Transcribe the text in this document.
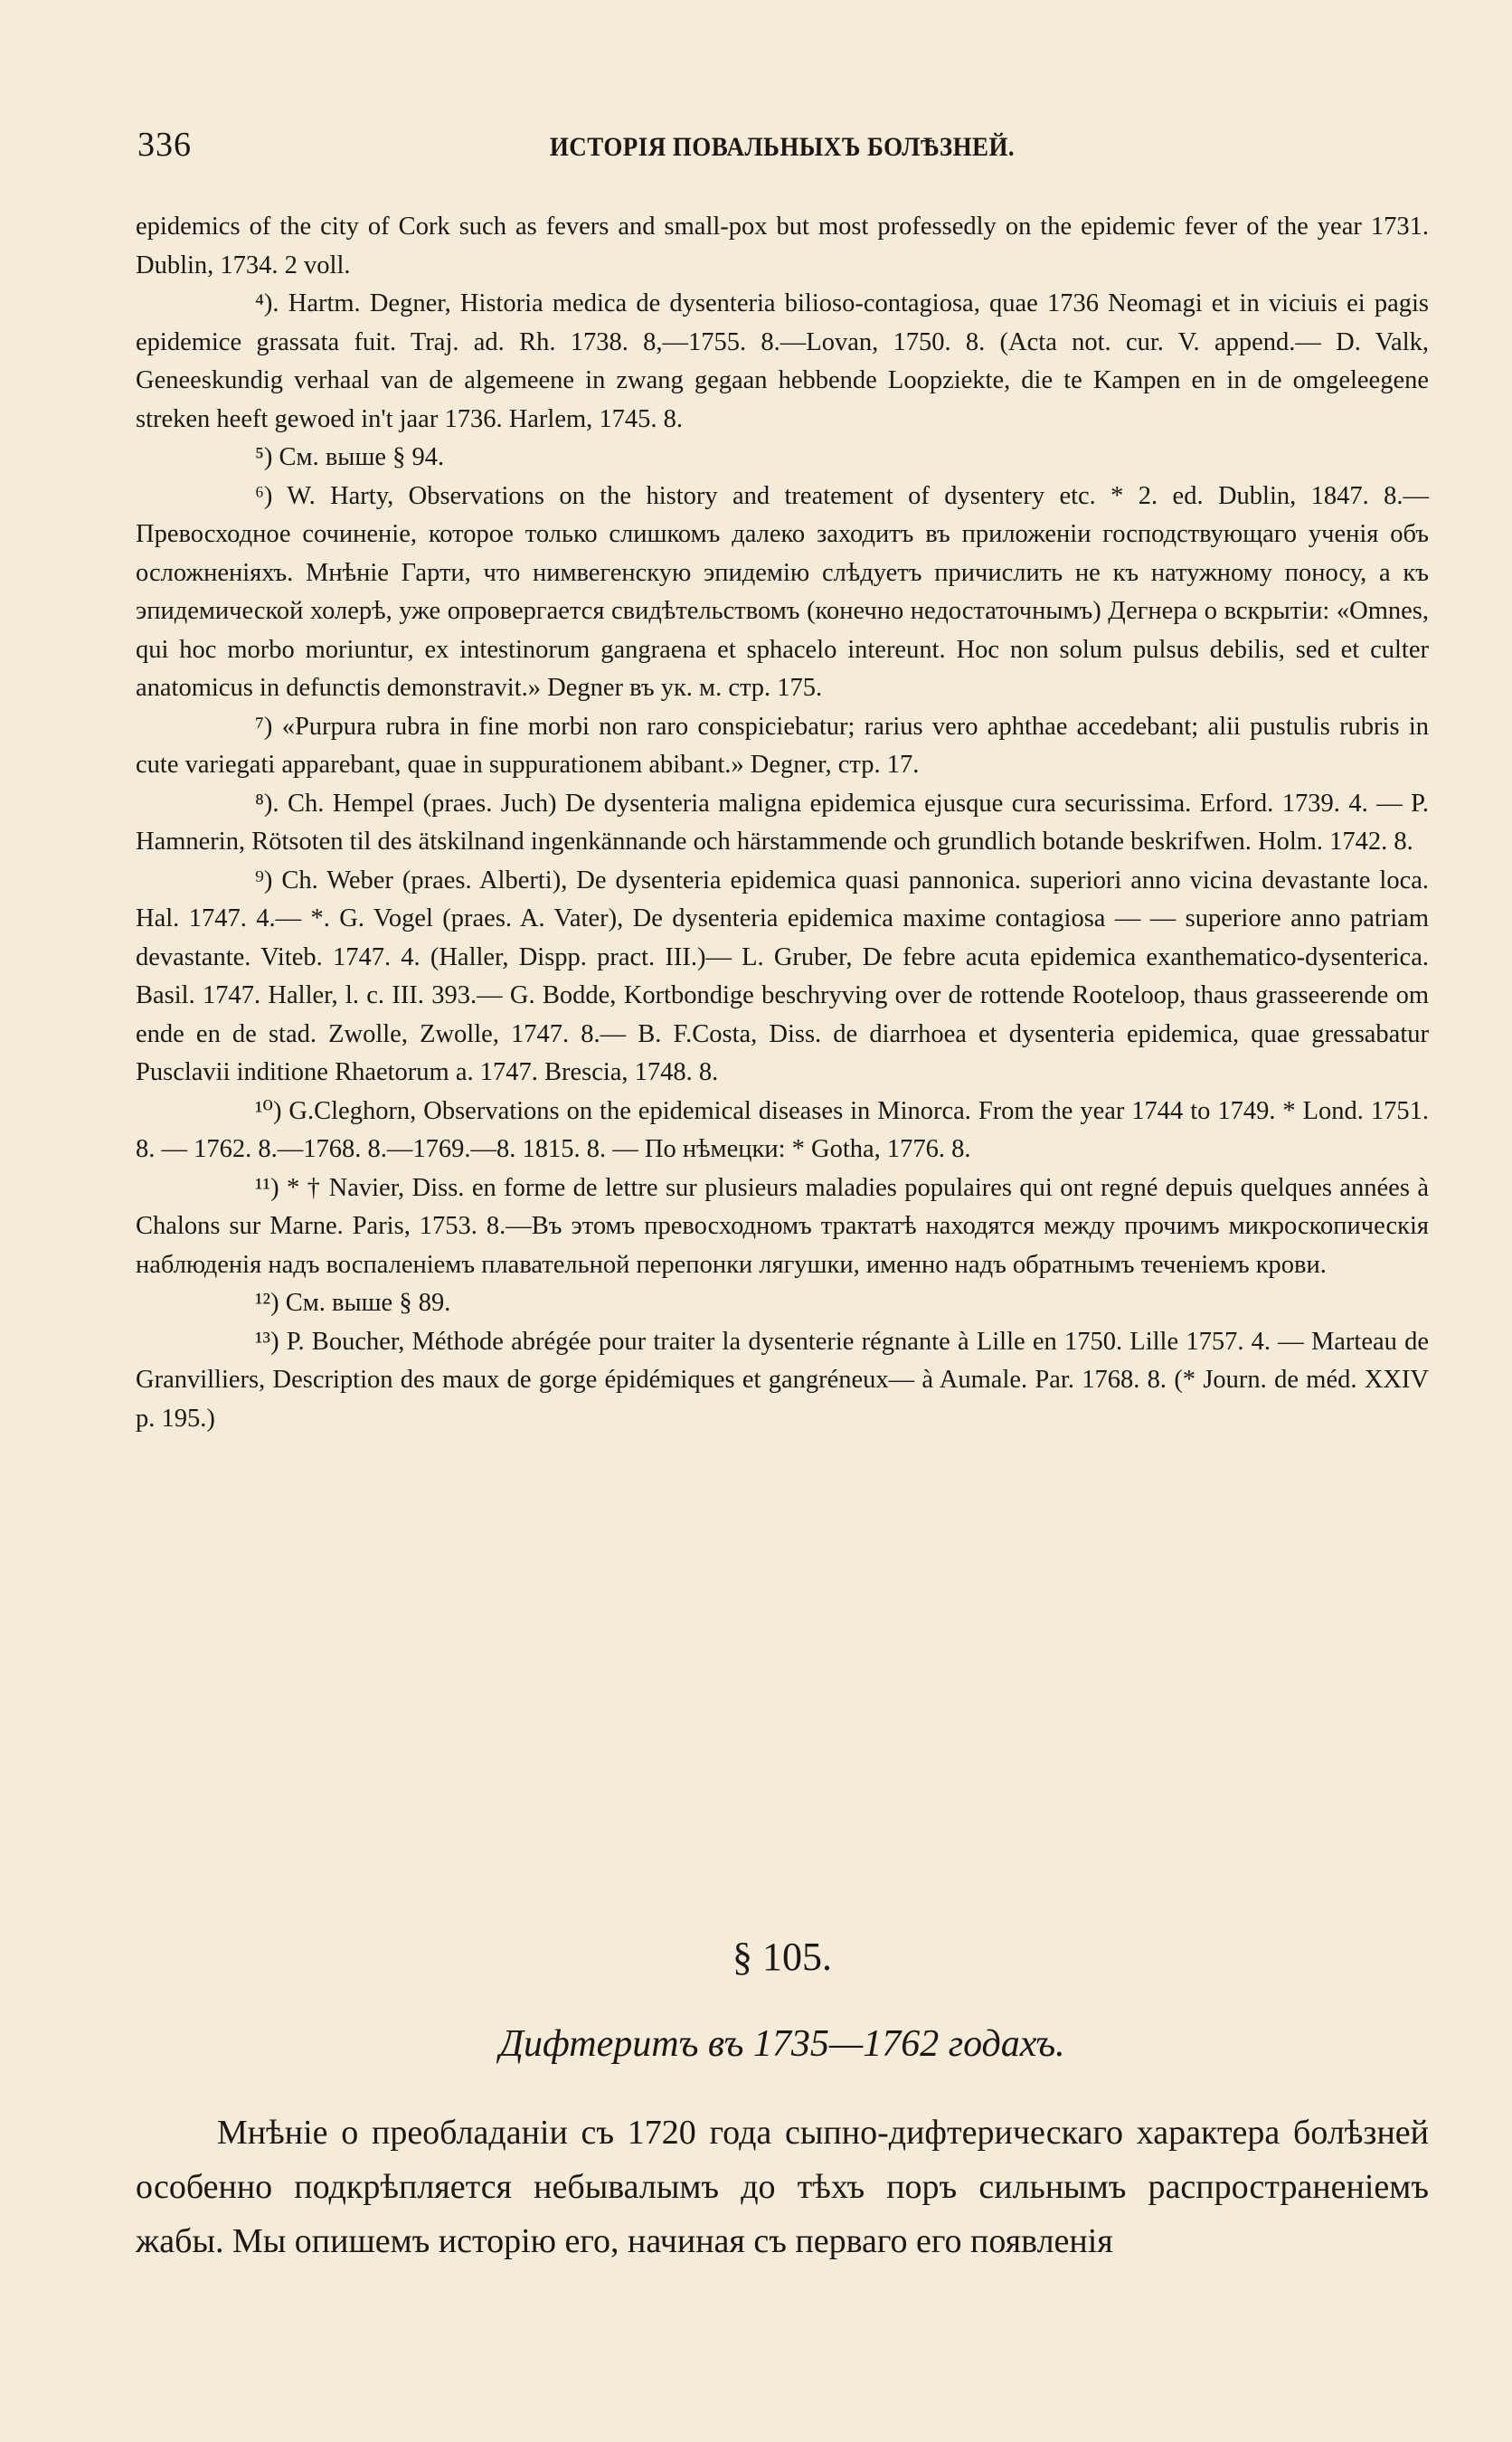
336	ИСТОРІЯ ПОВАЛЬНЫХЪ БОЛѢЗНЕЙ.

epidemics of the city of Cork such as fevers and small-pox but most professedly on the epidemic fever of the year 1731. Dublin, 1734. 2 voll.

⁴). Hartm. Degner, Historia medica de dysenteria bilioso-contagiosa, quae 1736 Neomagi et in viciuis ei pagis epidemice grassata fuit. Traj. ad. Rh. 1738. 8,—1755. 8.—Lovan, 1750. 8. (Acta not. cur. V. append.— D. Valk, Geneeskundig verhaal van de algemeene in zwang gegaan hebbende Loopziekte, die te Kampen en in de omgeleegene streken heeft gewoed in't jaar 1736. Harlem, 1745. 8.

⁵) См. выше § 94.

⁶) W. Harty, Observations on the history and treatement of dysentery etc. * 2. ed. Dublin, 1847. 8.— Превосходное сочиненіе, которое только слишкомъ далеко заходитъ въ приложеніи господствующаго ученія объ осложненіяхъ. Мнѣніе Гарти, что нимвегенскую эпидемію слѣдуетъ причислить не къ натужному поносу, а къ эпидемической холерѣ, уже опровергается свидѣтельствомъ (конечно недостаточнымъ) Дегнера о вскрытіи: «Omnes, qui hoc morbo moriuntur, ex intestinorum gangraena et sphacelo intereunt. Hoc non solum pulsus debilis, sed et culter anatomicus in defunctis demonstravit.» Degner въ ук. м. стр. 175.

⁷) «Purpura rubra in fine morbi non raro conspiciebatur; rarius vero aphthae accedebant; alii pustulis rubris in cute variegati apparebant, quae in suppurationem abibant.» Degner, стр. 17.

⁸). Ch. Hempel (praes. Juch) De dysenteria maligna epidemica ejusque cura securissima. Erford. 1739. 4. — P. Hamnerin, Rötsoten til des ätskilnand ingenkännande och härstammende och grundlich botande beskrifwen. Holm. 1742. 8.

⁹) Ch. Weber (praes. Alberti), De dysenteria epidemica quasi pannonica. superiori anno vicina devastante loca. Hal. 1747. 4.— *. G. Vogel (praes. A. Vater), De dysenteria epidemica maxime contagiosa — — superiore anno patriam devastante. Viteb. 1747. 4. (Haller, Dispp. pract. III.)— L. Gruber, De febre acuta epidemica exanthematico-dysenterica. Basil. 1747. Haller, l. c. III. 393.— G. Bodde, Kortbondige beschryving over de rottende Rooteloop, thaus grasseerende om ende en de stad. Zwolle, Zwolle, 1747. 8.— B. F.Costa, Diss. de diarrhoea et dysenteria epidemica, quae gressabatur Pusclavii inditione Rhaetorum a. 1747. Brescia, 1748. 8.

¹⁰) G.Cleghorn, Observations on the epidemical diseases in Minorca. From the year 1744 to 1749. * Lond. 1751. 8. — 1762. 8.—1768. 8.—1769.—8. 1815. 8. — По нѣмецки: * Gotha, 1776. 8.

¹¹) * † Navier, Diss. en forme de lettre sur plusieurs maladies populaires qui ont regné depuis quelques années à Chalons sur Marne. Paris, 1753. 8.—Въ этомъ превосходномъ трактатѣ находятся между прочимъ микроскопическія наблюденія надъ воспаленіемъ плавательной перепонки лягушки, именно надъ обратнымъ теченіемъ крови.

¹²) См. выше § 89.

¹³) P. Boucher, Méthode abrégée pour traiter la dysenterie régnante à Lille en 1750. Lille 1757. 4. — Marteau de Granvilliers, Description des maux de gorge épidémiques et gangréneux— à Aumale. Par. 1768. 8. (* Journ. de méd. XXIV p. 195.)

§ 105.
Дифтеритъ въ 1735—1762 годахъ.

Мнѣніе о преобладаніи съ 1720 года сыпно-дифтерическаго характера болѣзней особенно подкрѣпляется небывалымъ до тѣхъ поръ сильнымъ распространеніемъ жабы. Мы опишемъ исторію его, начиная съ перваго его появленія
